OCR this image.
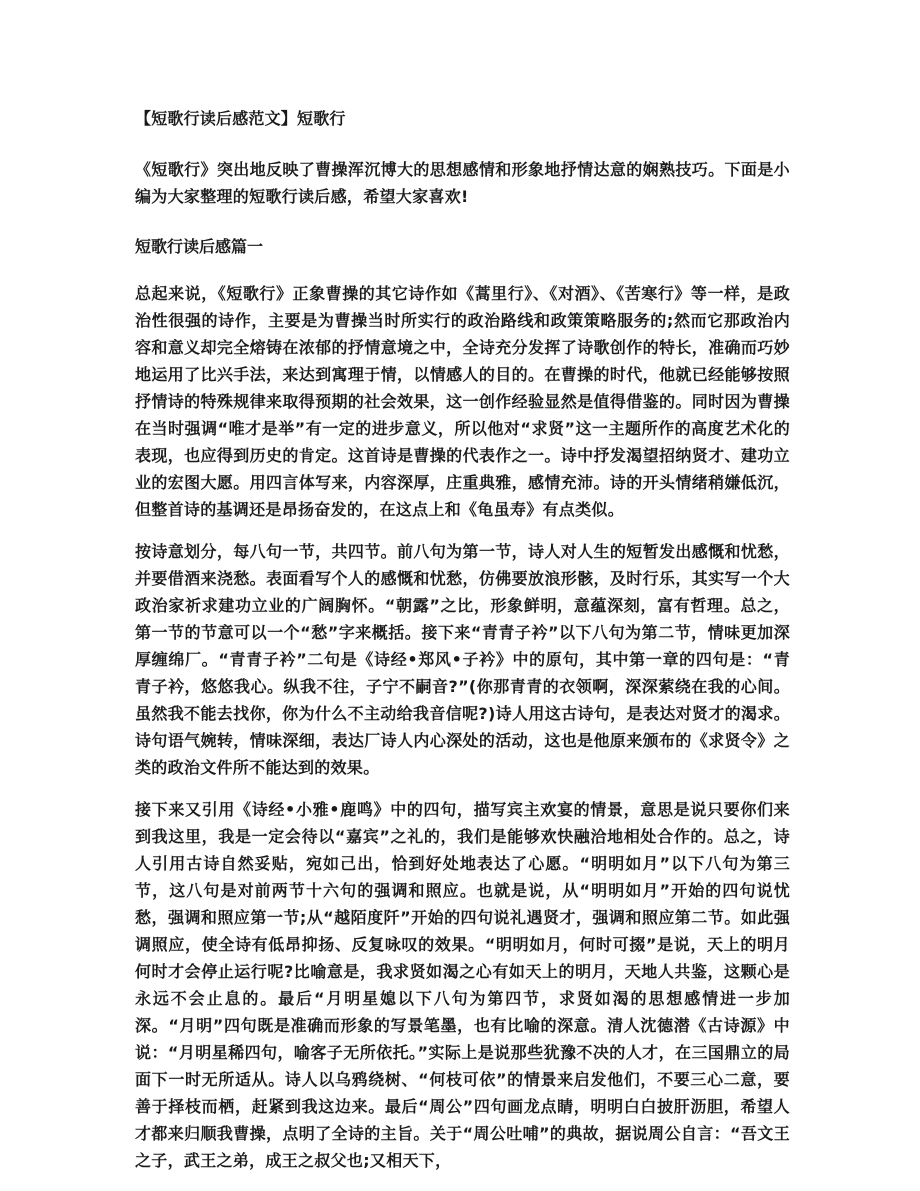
【短歌行读后感范文】短歌行

《短歌行》突出地反映了曹操浑沉博大的思想感情和形象地抒情达意的娴熟技巧。下面是小编为大家整理的短歌行读后感，希望大家喜欢!

短歌行读后感篇一

总起来说，《短歌行》正象曹操的其它诗作如《蒿里行》、《对酒》、《苦寒行》等一样，是政治性很强的诗作，主要是为曹操当时所实行的政治路线和政策策略服务的;然而它那政治内容和意义却完全熔铸在浓郁的抒情意境之中，全诗充分发挥了诗歌创作的特长，准确而巧妙地运用了比兴手法，来达到寓理于情，以情感人的目的。在曹操的时代，他就已经能够按照抒情诗的特殊规律来取得预期的社会效果，这一创作经验显然是值得借鉴的。同时因为曹操在当时强调“唯才是举”有一定的进步意义，所以他对“求贤”这一主题所作的高度艺术化的表现，也应得到历史的肯定。这首诗是曹操的代表作之一。诗中抒发渴望招纳贤才、建功立业的宏图大愿。用四言体写来，内容深厚，庄重典雅，感情充沛。诗的开头情绪稍嫌低沉，但整首诗的基调还是昂扬奋发的，在这点上和《龟虽寿》有点类似。

按诗意划分，每八句一节，共四节。前八句为第一节，诗人对人生的短暂发出感慨和忧愁，并要借酒来浇愁。表面看写个人的感慨和忧愁，仿佛要放浪形骸，及时行乐，其实写一个大政治家祈求建功立业的广阔胸怀。“朝露”之比，形象鲜明，意蕴深刻，富有哲理。总之，第一节的节意可以一个“愁”字来概括。接下来“青青子衿”以下八句为第二节，情味更加深厚缠绵厂。“青青子衿”二句是《诗经•郑风•子衿》中的原句，其中第一章的四句是：“青青子衿，悠悠我心。纵我不往，子宁不嗣音?”(你那青青的衣领啊，深深萦绕在我的心间。虽然我不能去找你，你为什么不主动给我音信呢?)诗人用这古诗句，是表达对贤才的渴求。诗句语气婉转，情味深细，表达厂诗人内心深处的活动，这也是他原来颁布的《求贤令》之类的政治文件所不能达到的效果。

接下来又引用《诗经•小雅•鹿鸣》中的四句，描写宾主欢宴的情景，意思是说只要你们来到我这里，我是一定会待以“嘉宾”之礼的，我们是能够欢快融洽地相处合作的。总之，诗人引用古诗自然妥贴，宛如己出，恰到好处地表达了心愿。“明明如月”以下八句为第三节，这八句是对前两节十六句的强调和照应。也就是说，从“明明如月”开始的四句说忧愁，强调和照应第一节;从“越陌度阡”开始的四句说礼遇贤才，强调和照应第二节。如此强调照应，使全诗有低昂抑扬、反复咏叹的效果。“明明如月，何时可掇”是说，天上的明月何时才会停止运行呢?比喻意是，我求贤如渴之心有如天上的明月，天地人共鉴，这颗心是永远不会止息的。最后“月明星媳以下八句为第四节，求贤如渴的思想感情进一步加深。“月明”四句既是准确而形象的写景笔墨，也有比喻的深意。清人沈德潜《古诗源》中说：“月明星稀四句，喻客子无所依托。”实际上是说那些犹豫不决的人才，在三国鼎立的局面下一时无所适从。诗人以乌鸦绕树、“何枝可依”的情景来启发他们，不要三心二意，要善于择枝而栖，赶紧到我这边来。最后“周公”四句画龙点睛，明明白白披肝沥胆，希望人才都来归顺我曹操，点明了全诗的主旨。关于“周公吐哺”的典故，据说周公自言：“吾文王之子，武王之弟，成王之叔父也;又相天下，
